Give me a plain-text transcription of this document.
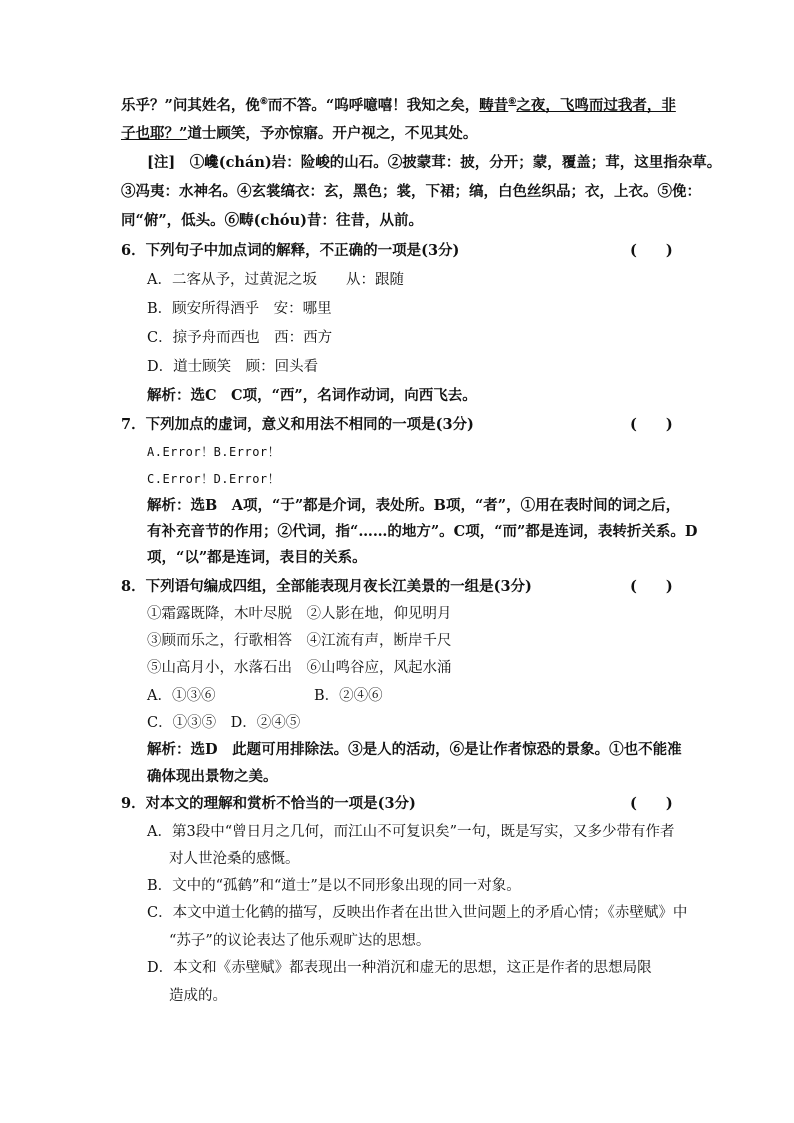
乐乎？”问其姓名，俛⑥而不答。“呜呼噫嘻！我知之矣，畴昔⑥之夜，飞鸣而过我者，非
子也耶？”道士顾笑，予亦惊寤。开户视之，不见其处。
[注]　①巉(chán)岩：险峻的山石。②披蒙茸：披，分开；蒙，覆盖；茸，这里指杂草。
③冯夷：水神名。④玄裳缟衣：玄，黑色；裳，下裙；缟，白色丝织品；衣，上衣。⑤俛：
同“俯”，低头。⑥畴(chóu)昔：往昔，从前。
6．下列句子中加点词的解释，不正确的一项是(3分)	(　　)
A．二客从予，过黄泥之坂　　从：跟随
B．顾安所得酒乎　安：哪里
C．掠予舟而西也　西：西方
D．道士顾笑　顾：回头看
解析：选C　C项，“西”，名词作动词，向西飞去。
7．下列加点的虚词，意义和用法不相同的一项是(3分)	(　　)
A.Error！B.Error！
C.Error！D.Error！
解析：选B　A项，“于”都是介词，表处所。B项，“者”，①用在表时间的词之后，
有补充音节的作用；②代词，指“……的地方”。C项，“而”都是连词，表转折关系。D
项，“以”都是连词，表目的关系。
8．下列语句编成四组，全部能表现月夜长江美景的一组是(3分)	(　　)
①霜露既降，木叶尽脱　②人影在地，仰见明月
③顾而乐之，行歌相答　④江流有声，断岸千尺
⑤山高月小，水落石出　⑥山鸣谷应，风起水涌
A．①③⑥	B．②④⑥
C．①③⑤　D．②④⑤
解析：选D　此题可用排除法。③是人的活动，⑥是让作者惊恐的景象。①也不能准
确体现出景物之美。
9．对本文的理解和赏析不恰当的一项是(3分)	(　　)
A．第3段中“曾日月之几何，而江山不可复识矣”一句，既是写实，又多少带有作者
对人世沧桑的感慨。
B．文中的“孤鹤”和“道士”是以不同形象出现的同一对象。
C．本文中道士化鹤的描写，反映出作者在出世入世问题上的矛盾心情；《赤壁赋》中
“苏子”的议论表达了他乐观旷达的思想。
D．本文和《赤壁赋》都表现出一种消沉和虚无的思想，这正是作者的思想局限
造成的。
